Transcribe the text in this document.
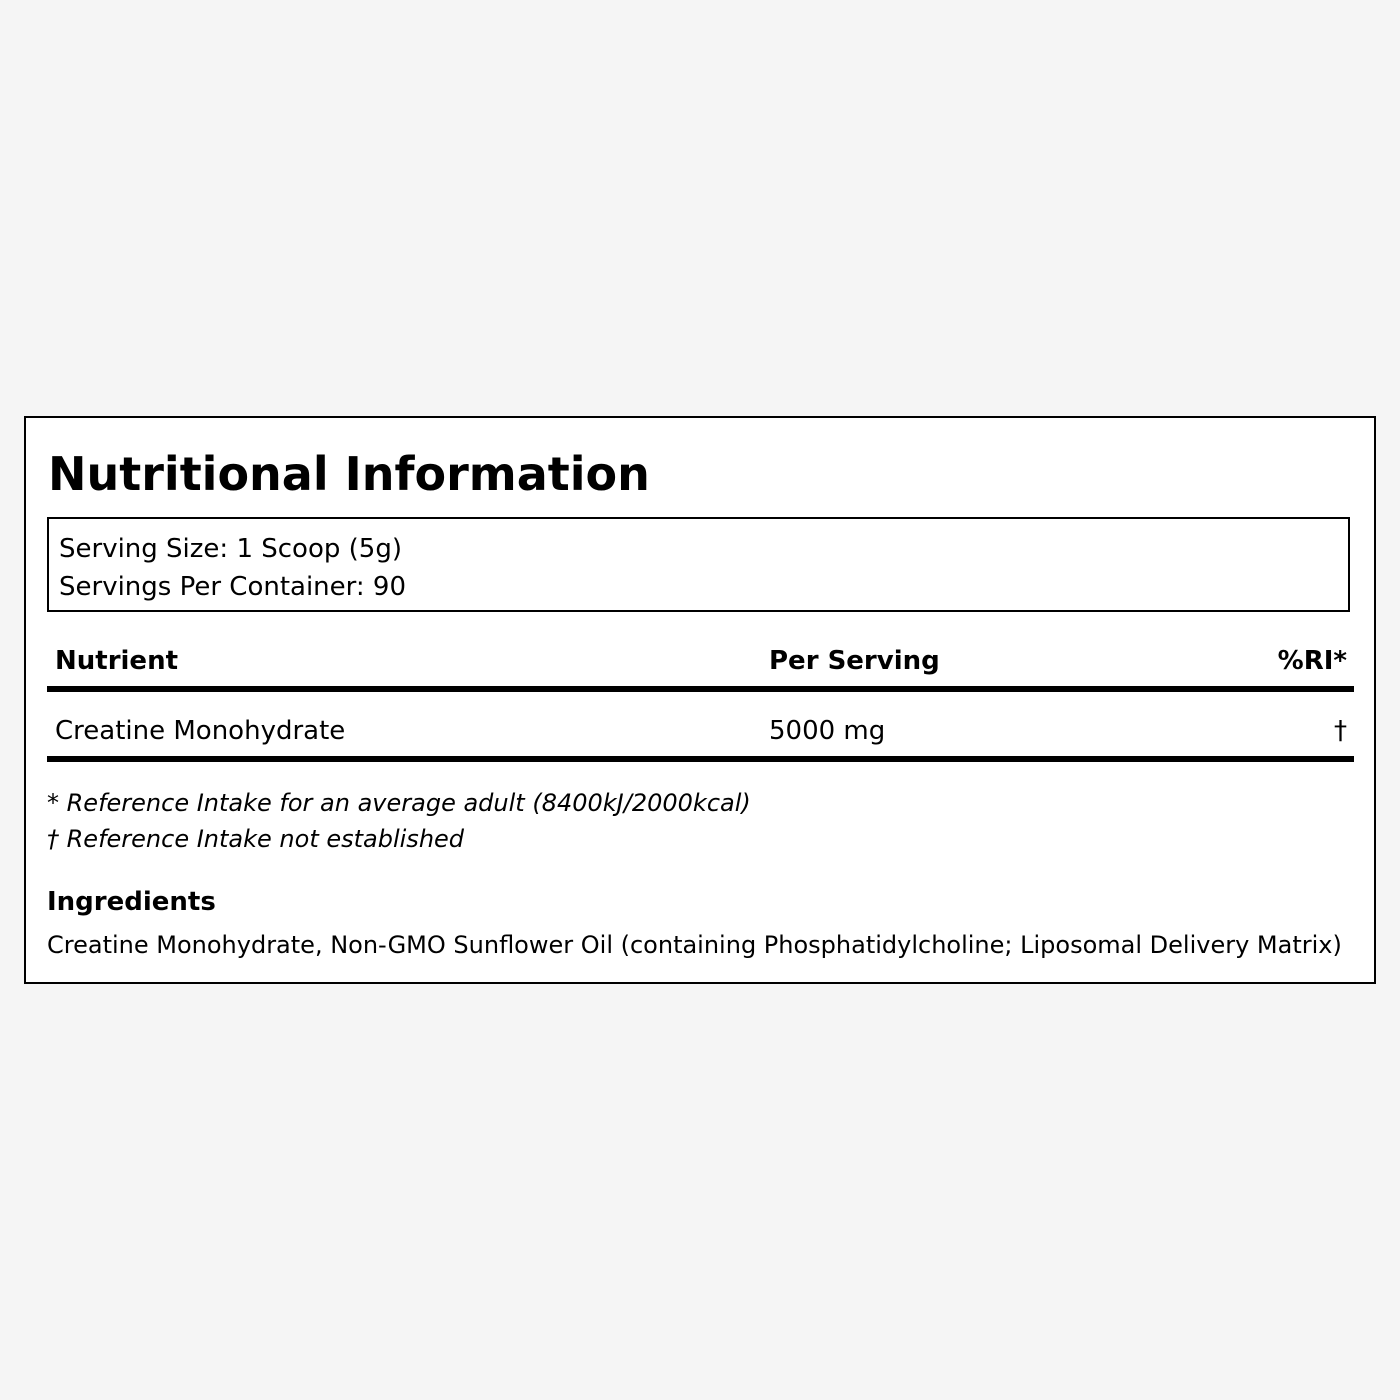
Nutritional Information
Serving Size: 1 Scoop (5g)
Servings Per Container: 90
Nutrient	Per Serving	%RI*
Creatine Monohydrate	5000 mg	†
* Reference Intake for an average adult (8400kJ/2000kcal)
† Reference Intake not established
Ingredients
Creatine Monohydrate, Non-GMO Sunflower Oil (containing Phosphatidylcholine; Liposomal Delivery Matrix)
